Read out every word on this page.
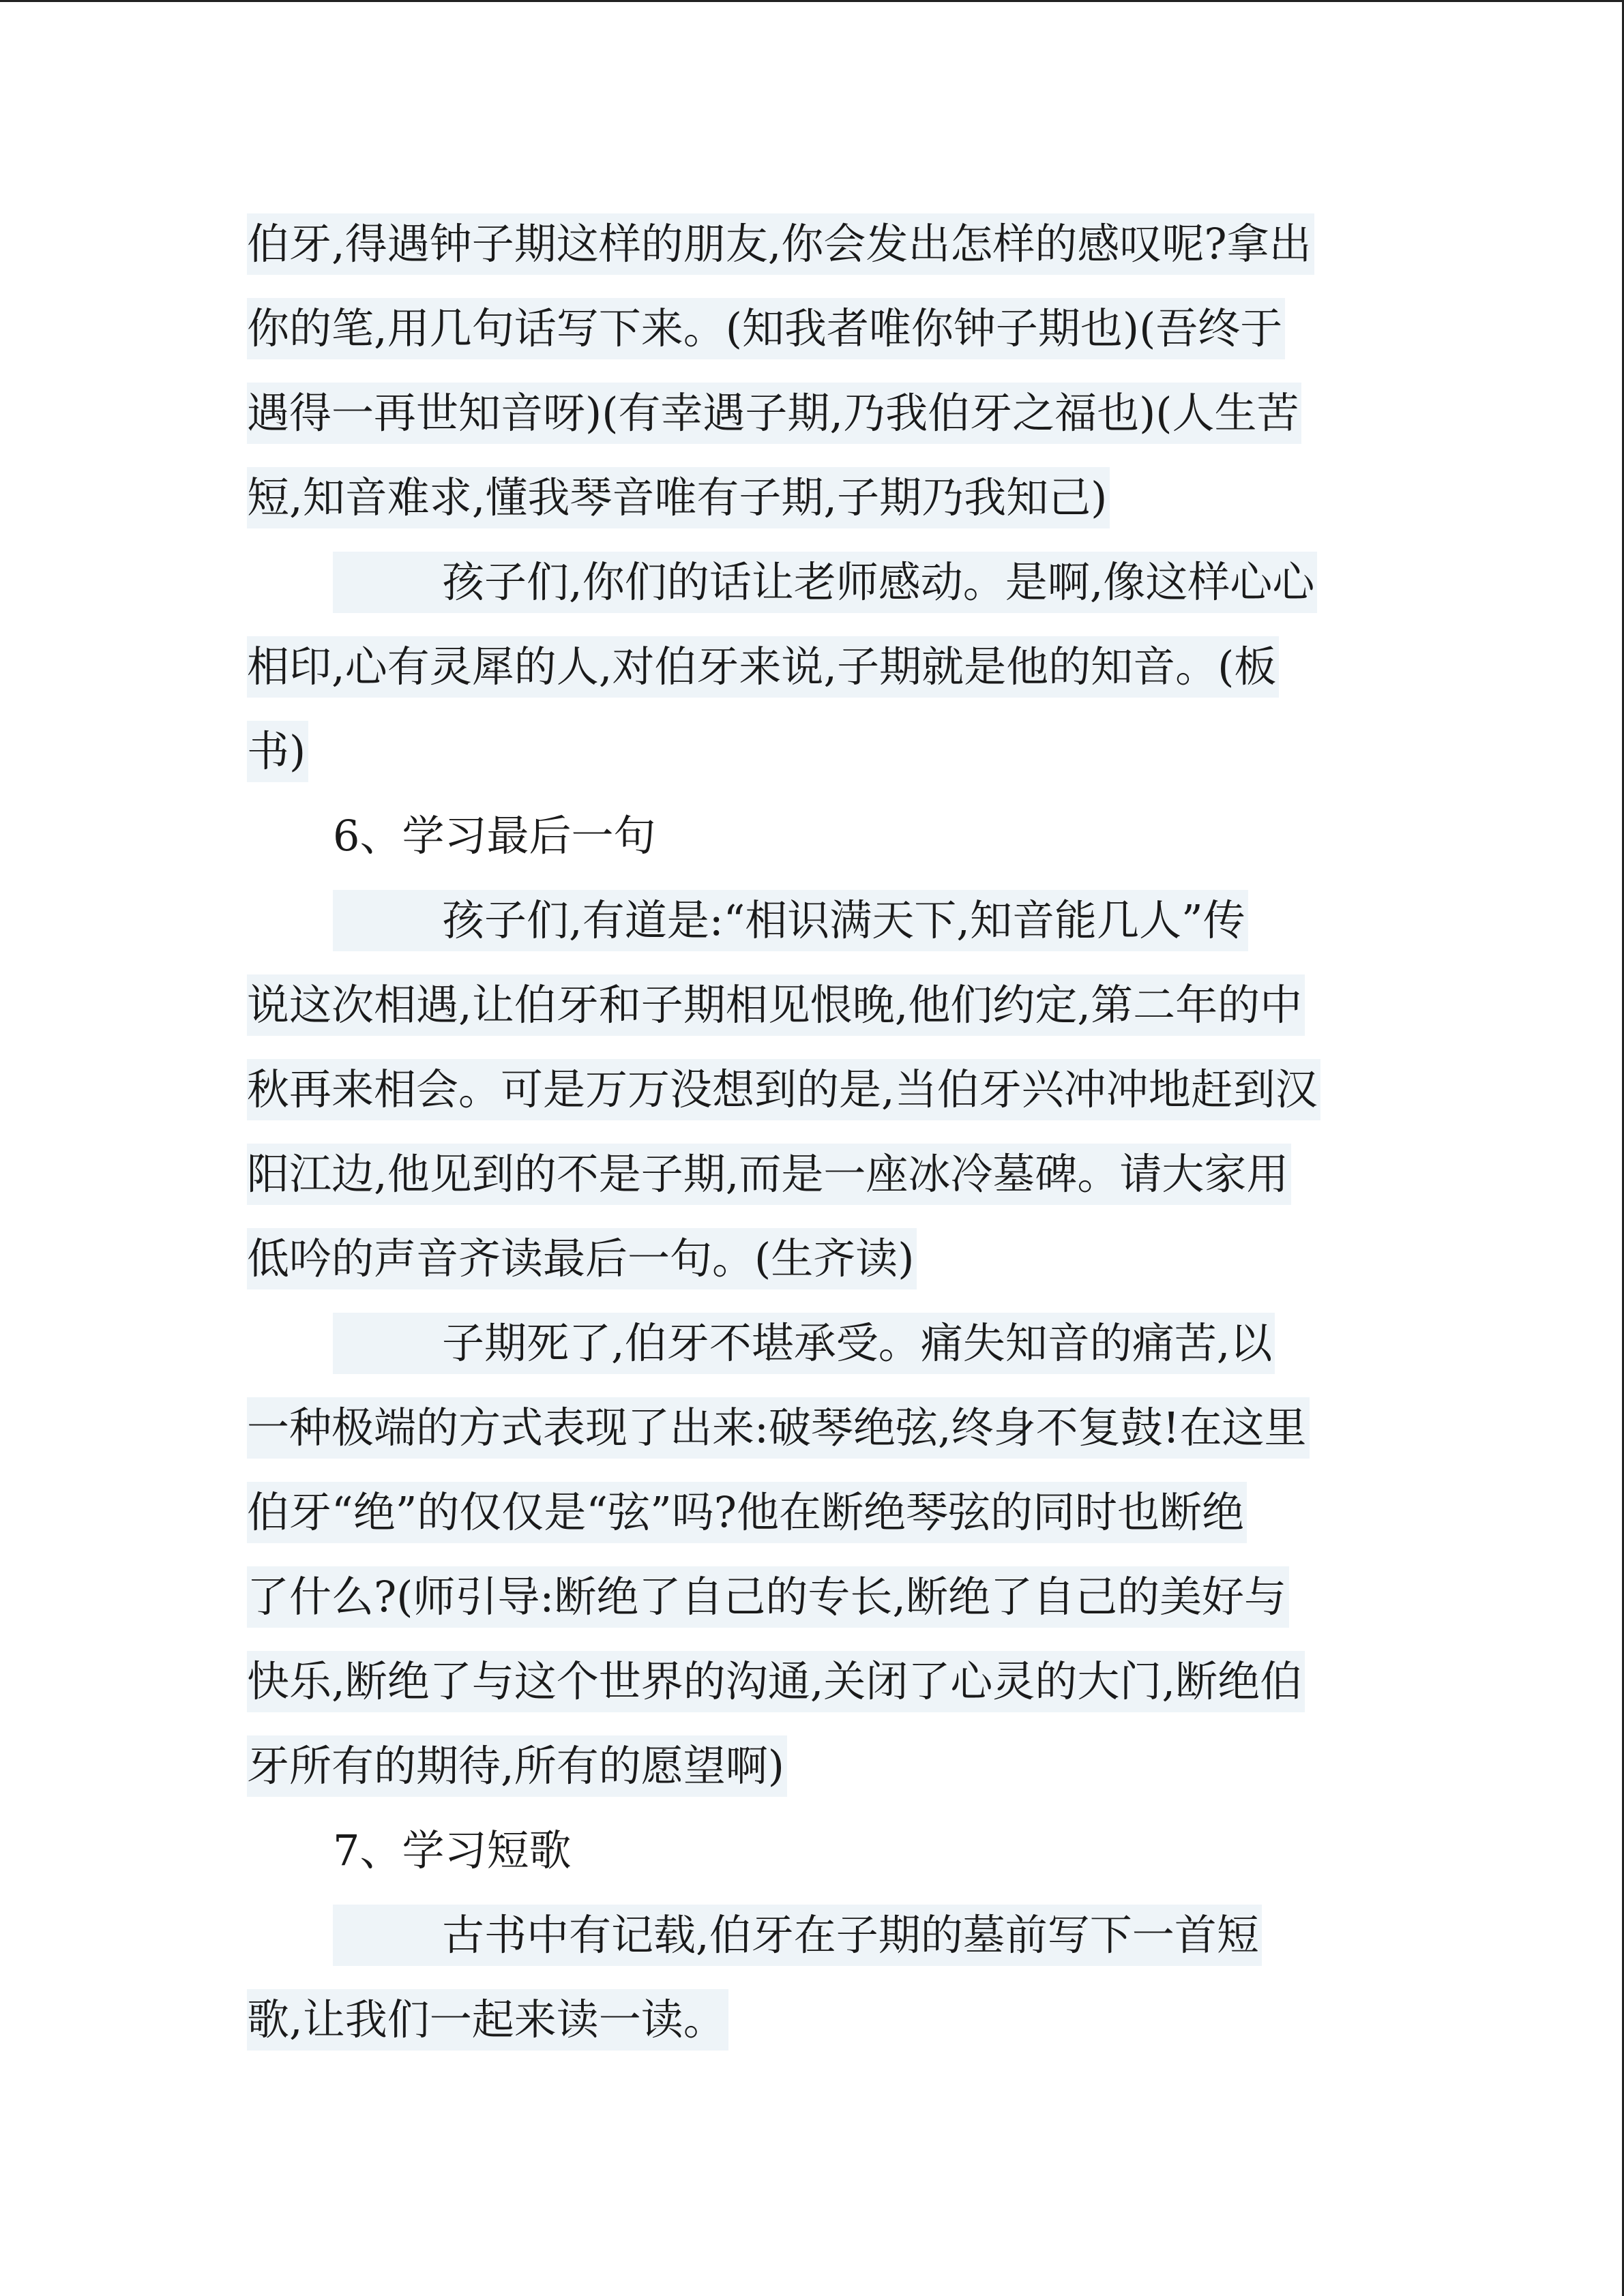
伯牙,得遇钟子期这样的朋友,你会发出怎样的感叹呢?拿出
你的笔,用几句话写下来。(知我者唯你钟子期也)(吾终于
遇得一再世知音呀)(有幸遇子期,乃我伯牙之福也)(人生苦
短,知音难求,懂我琴音唯有子期,子期乃我知己)
孩子们,你们的话让老师感动。是啊,像这样心心
相印,心有灵犀的人,对伯牙来说,子期就是他的知音。(板
书)
6、学习最后一句
孩子们,有道是:“相识满天下,知音能几人”传
说这次相遇,让伯牙和子期相见恨晚,他们约定,第二年的中
秋再来相会。可是万万没想到的是,当伯牙兴冲冲地赶到汉
阳江边,他见到的不是子期,而是一座冰冷墓碑。请大家用
低吟的声音齐读最后一句。(生齐读)
子期死了,伯牙不堪承受。痛失知音的痛苦,以
一种极端的方式表现了出来:破琴绝弦,终身不复鼓!在这里
伯牙“绝”的仅仅是“弦”吗?他在断绝琴弦的同时也断绝
了什么?(师引导:断绝了自己的专长,断绝了自己的美好与
快乐,断绝了与这个世界的沟通,关闭了心灵的大门,断绝伯
牙所有的期待,所有的愿望啊)
7、学习短歌
古书中有记载,伯牙在子期的墓前写下一首短
歌,让我们一起来读一读。
